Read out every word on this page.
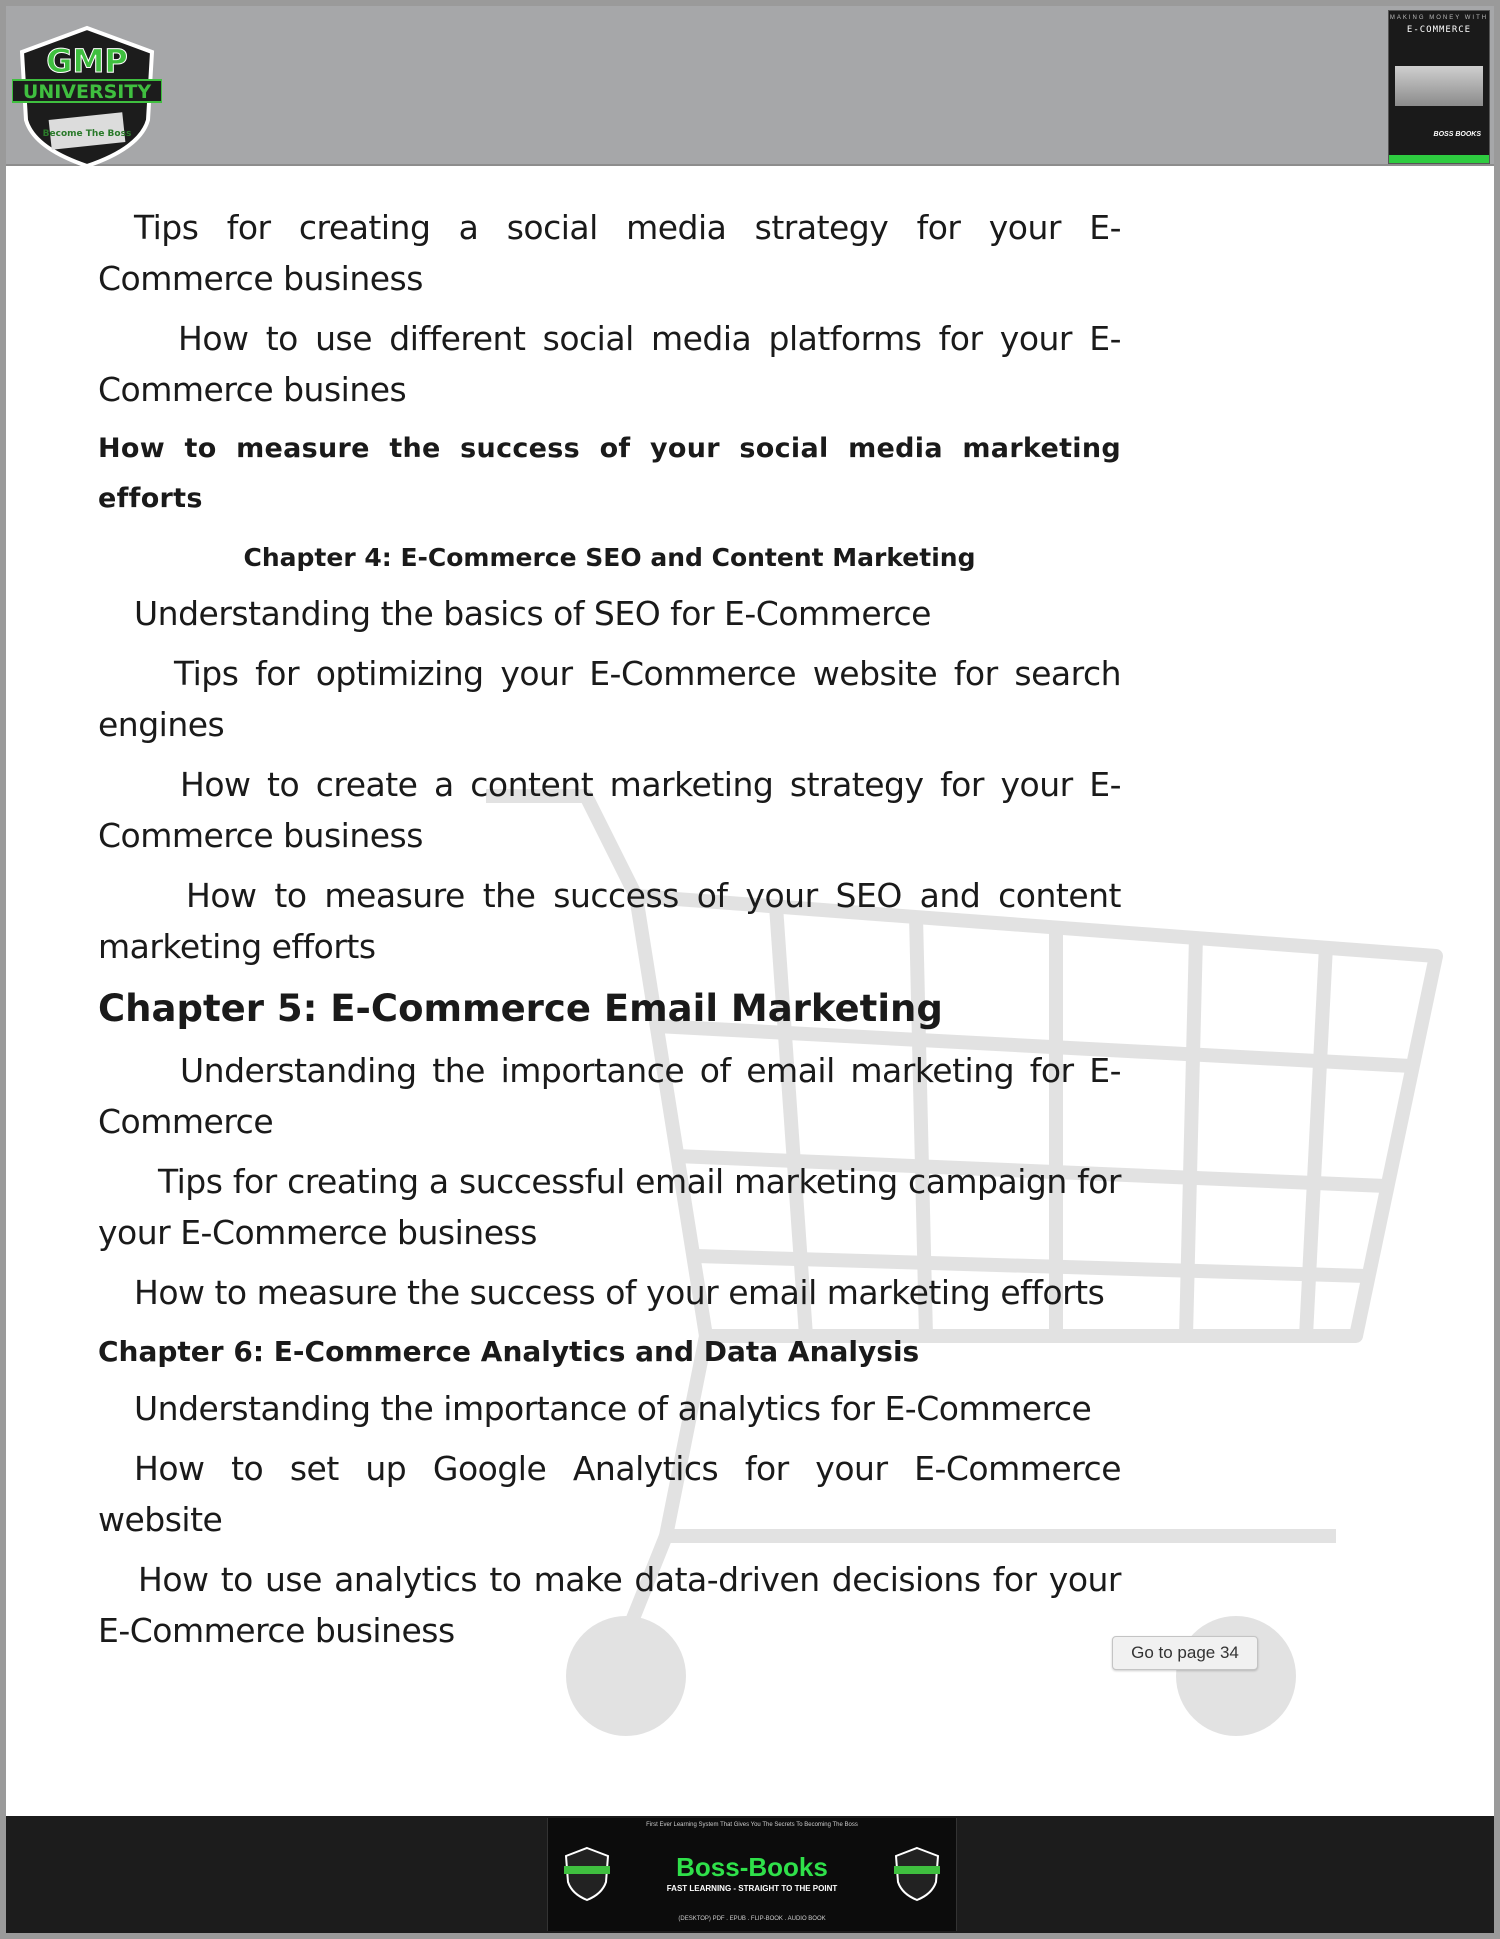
GMP
UNIVERSITY
Become The Boss
MAKING MONEY WITH
E-COMMERCE
BOSS BOOKS

Tips for creating a social media strategy for your E-Commerce business

How to use different social media platforms for your E-Commerce busines

How to measure the success of your social media marketing efforts

Chapter 4: E-Commerce SEO and Content Marketing

Understanding the basics of SEO for E-Commerce

Tips for optimizing your E-Commerce website for search engines

How to create a content marketing strategy for your E-Commerce business

How to measure the success of your SEO and content marketing efforts

Chapter 5: E-Commerce Email Marketing

Understanding the importance of email marketing for E-Commerce

Tips for creating a successful email marketing campaign for your E-Commerce business

How to measure the success of your email marketing efforts

Chapter 6: E-Commerce Analytics and Data Analysis

Understanding the importance of analytics for E-Commerce

How to set up Google Analytics for your E-Commerce website

How to use analytics to make data-driven decisions for your E-Commerce business

Go to page 34
First Ever Learning System That Gives You The Secrets To Becoming The Boss
Boss-Books
FAST LEARNING - STRAIGHT TO THE POINT
(DESKTOP) PDF . EPUB . FLIP-BOOK . AUDIO BOOK
